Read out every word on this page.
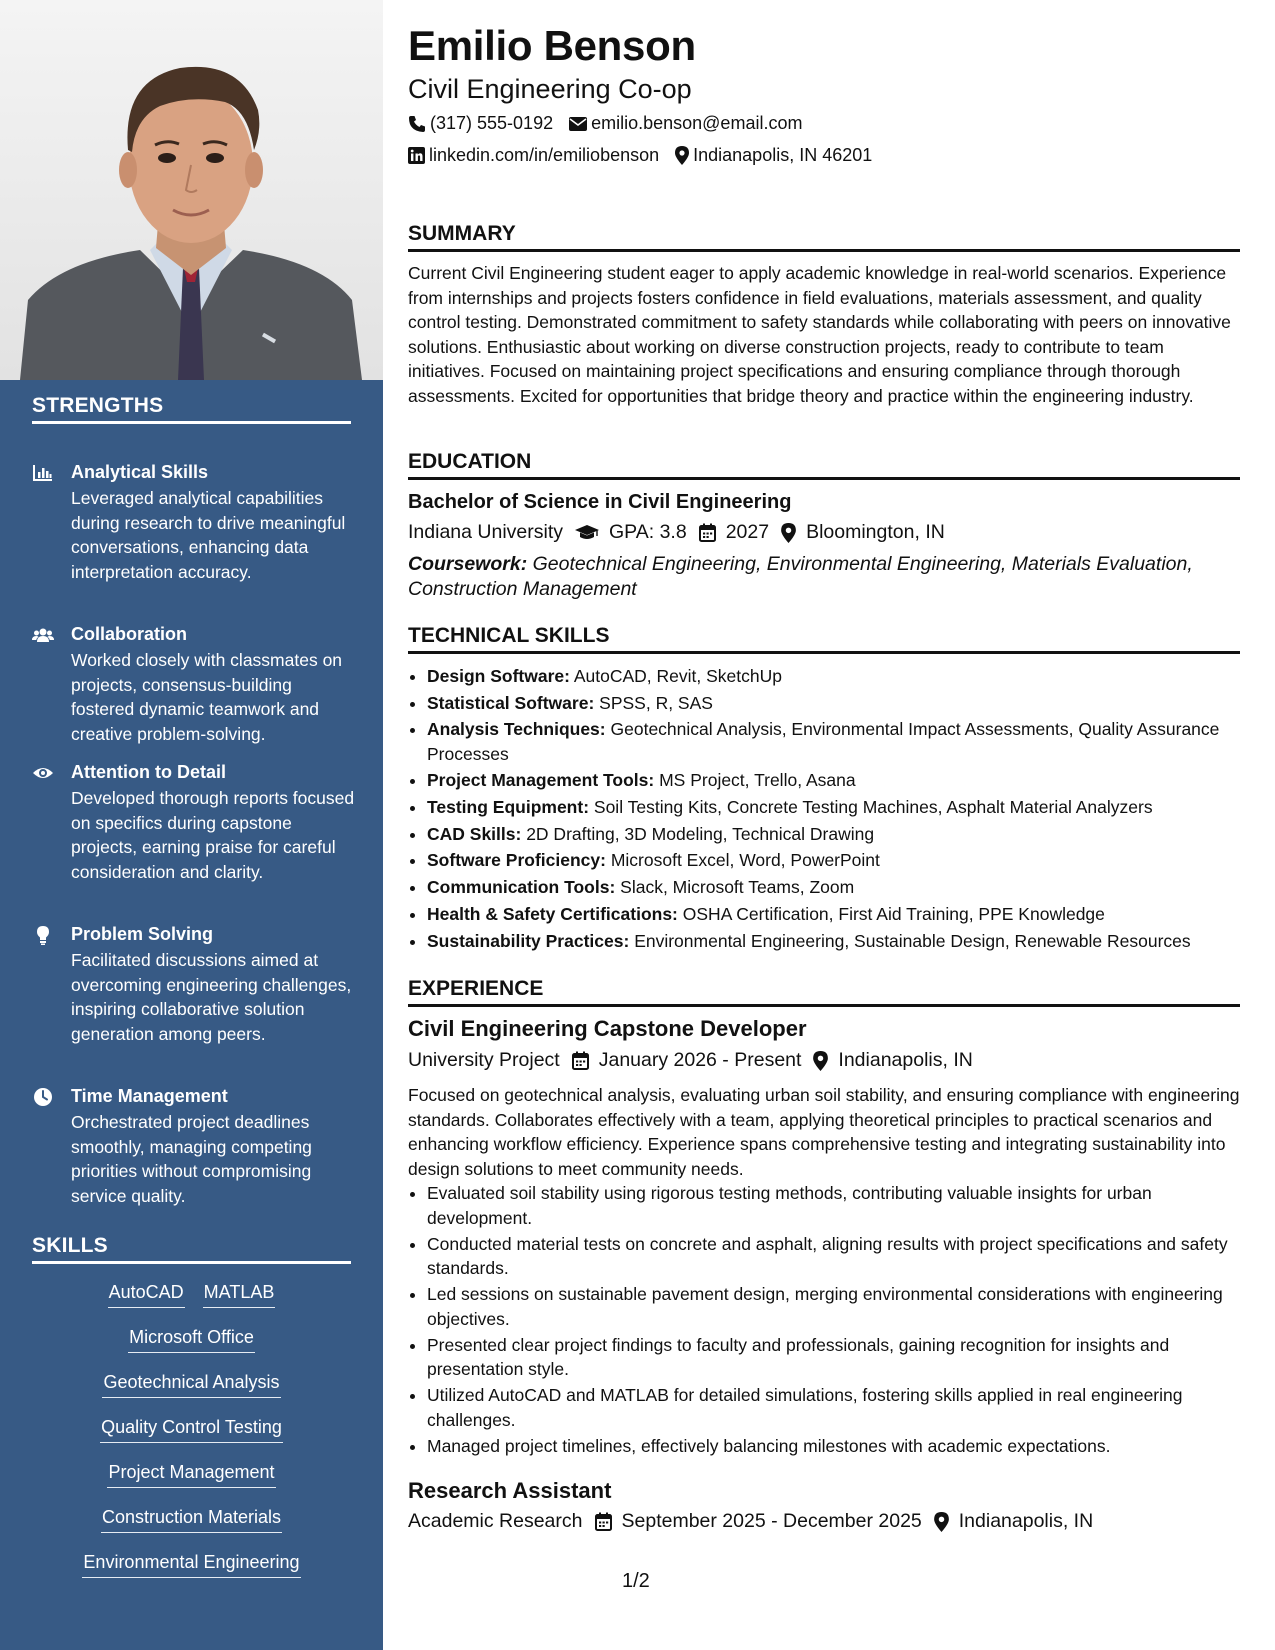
STRENGTHS
Analytical Skills
Leveraged analytical capabilities during research to drive meaningful conversations, enhancing data interpretation accuracy.
Collaboration
Worked closely with classmates on projects, consensus-building fostered dynamic teamwork and creative problem-solving.
Attention to Detail
Developed thorough reports focused on specifics during capstone projects, earning praise for careful consideration and clarity.
Problem Solving
Facilitated discussions aimed at overcoming engineering challenges, inspiring collaborative solution generation among peers.
Time Management
Orchestrated project deadlines smoothly, managing competing priorities without compromising service quality.
SKILLS
AutoCAD MATLAB
Microsoft Office
Geotechnical Analysis
Quality Control Testing
Project Management
Construction Materials
Environmental Engineering
Emilio Benson
Civil Engineering Co-op
(317) 555-0192 emilio.benson@email.com
linkedin.com/in/emiliobenson Indianapolis, IN 46201
SUMMARY
Current Civil Engineering student eager to apply academic knowledge in real-world scenarios. Experience from internships and projects fosters confidence in field evaluations, materials assessment, and quality control testing. Demonstrated commitment to safety standards while collaborating with peers on innovative solutions. Enthusiastic about working on diverse construction projects, ready to contribute to team initiatives. Focused on maintaining project specifications and ensuring compliance through thorough assessments. Excited for opportunities that bridge theory and practice within the engineering industry.
EDUCATION
Bachelor of Science in Civil Engineering
Indiana University GPA: 3.8 2027 Bloomington, IN
Coursework: Geotechnical Engineering, Environmental Engineering, Materials Evaluation, Construction Management
TECHNICAL SKILLS
• Design Software: AutoCAD, Revit, SketchUp
• Statistical Software: SPSS, R, SAS
• Analysis Techniques: Geotechnical Analysis, Environmental Impact Assessments, Quality Assurance Processes
• Project Management Tools: MS Project, Trello, Asana
• Testing Equipment: Soil Testing Kits, Concrete Testing Machines, Asphalt Material Analyzers
• CAD Skills: 2D Drafting, 3D Modeling, Technical Drawing
• Software Proficiency: Microsoft Excel, Word, PowerPoint
• Communication Tools: Slack, Microsoft Teams, Zoom
• Health & Safety Certifications: OSHA Certification, First Aid Training, PPE Knowledge
• Sustainability Practices: Environmental Engineering, Sustainable Design, Renewable Resources
EXPERIENCE
Civil Engineering Capstone Developer
University Project January 2026 - Present Indianapolis, IN
Focused on geotechnical analysis, evaluating urban soil stability, and ensuring compliance with engineering standards. Collaborates effectively with a team, applying theoretical principles to practical scenarios and enhancing workflow efficiency. Experience spans comprehensive testing and integrating sustainability into design solutions to meet community needs.
• Evaluated soil stability using rigorous testing methods, contributing valuable insights for urban development.
• Conducted material tests on concrete and asphalt, aligning results with project specifications and safety standards.
• Led sessions on sustainable pavement design, merging environmental considerations with engineering objectives.
• Presented clear project findings to faculty and professionals, gaining recognition for insights and presentation style.
• Utilized AutoCAD and MATLAB for detailed simulations, fostering skills applied in real engineering challenges.
• Managed project timelines, effectively balancing milestones with academic expectations.
Research Assistant
Academic Research September 2025 - December 2025 Indianapolis, IN
1/2
